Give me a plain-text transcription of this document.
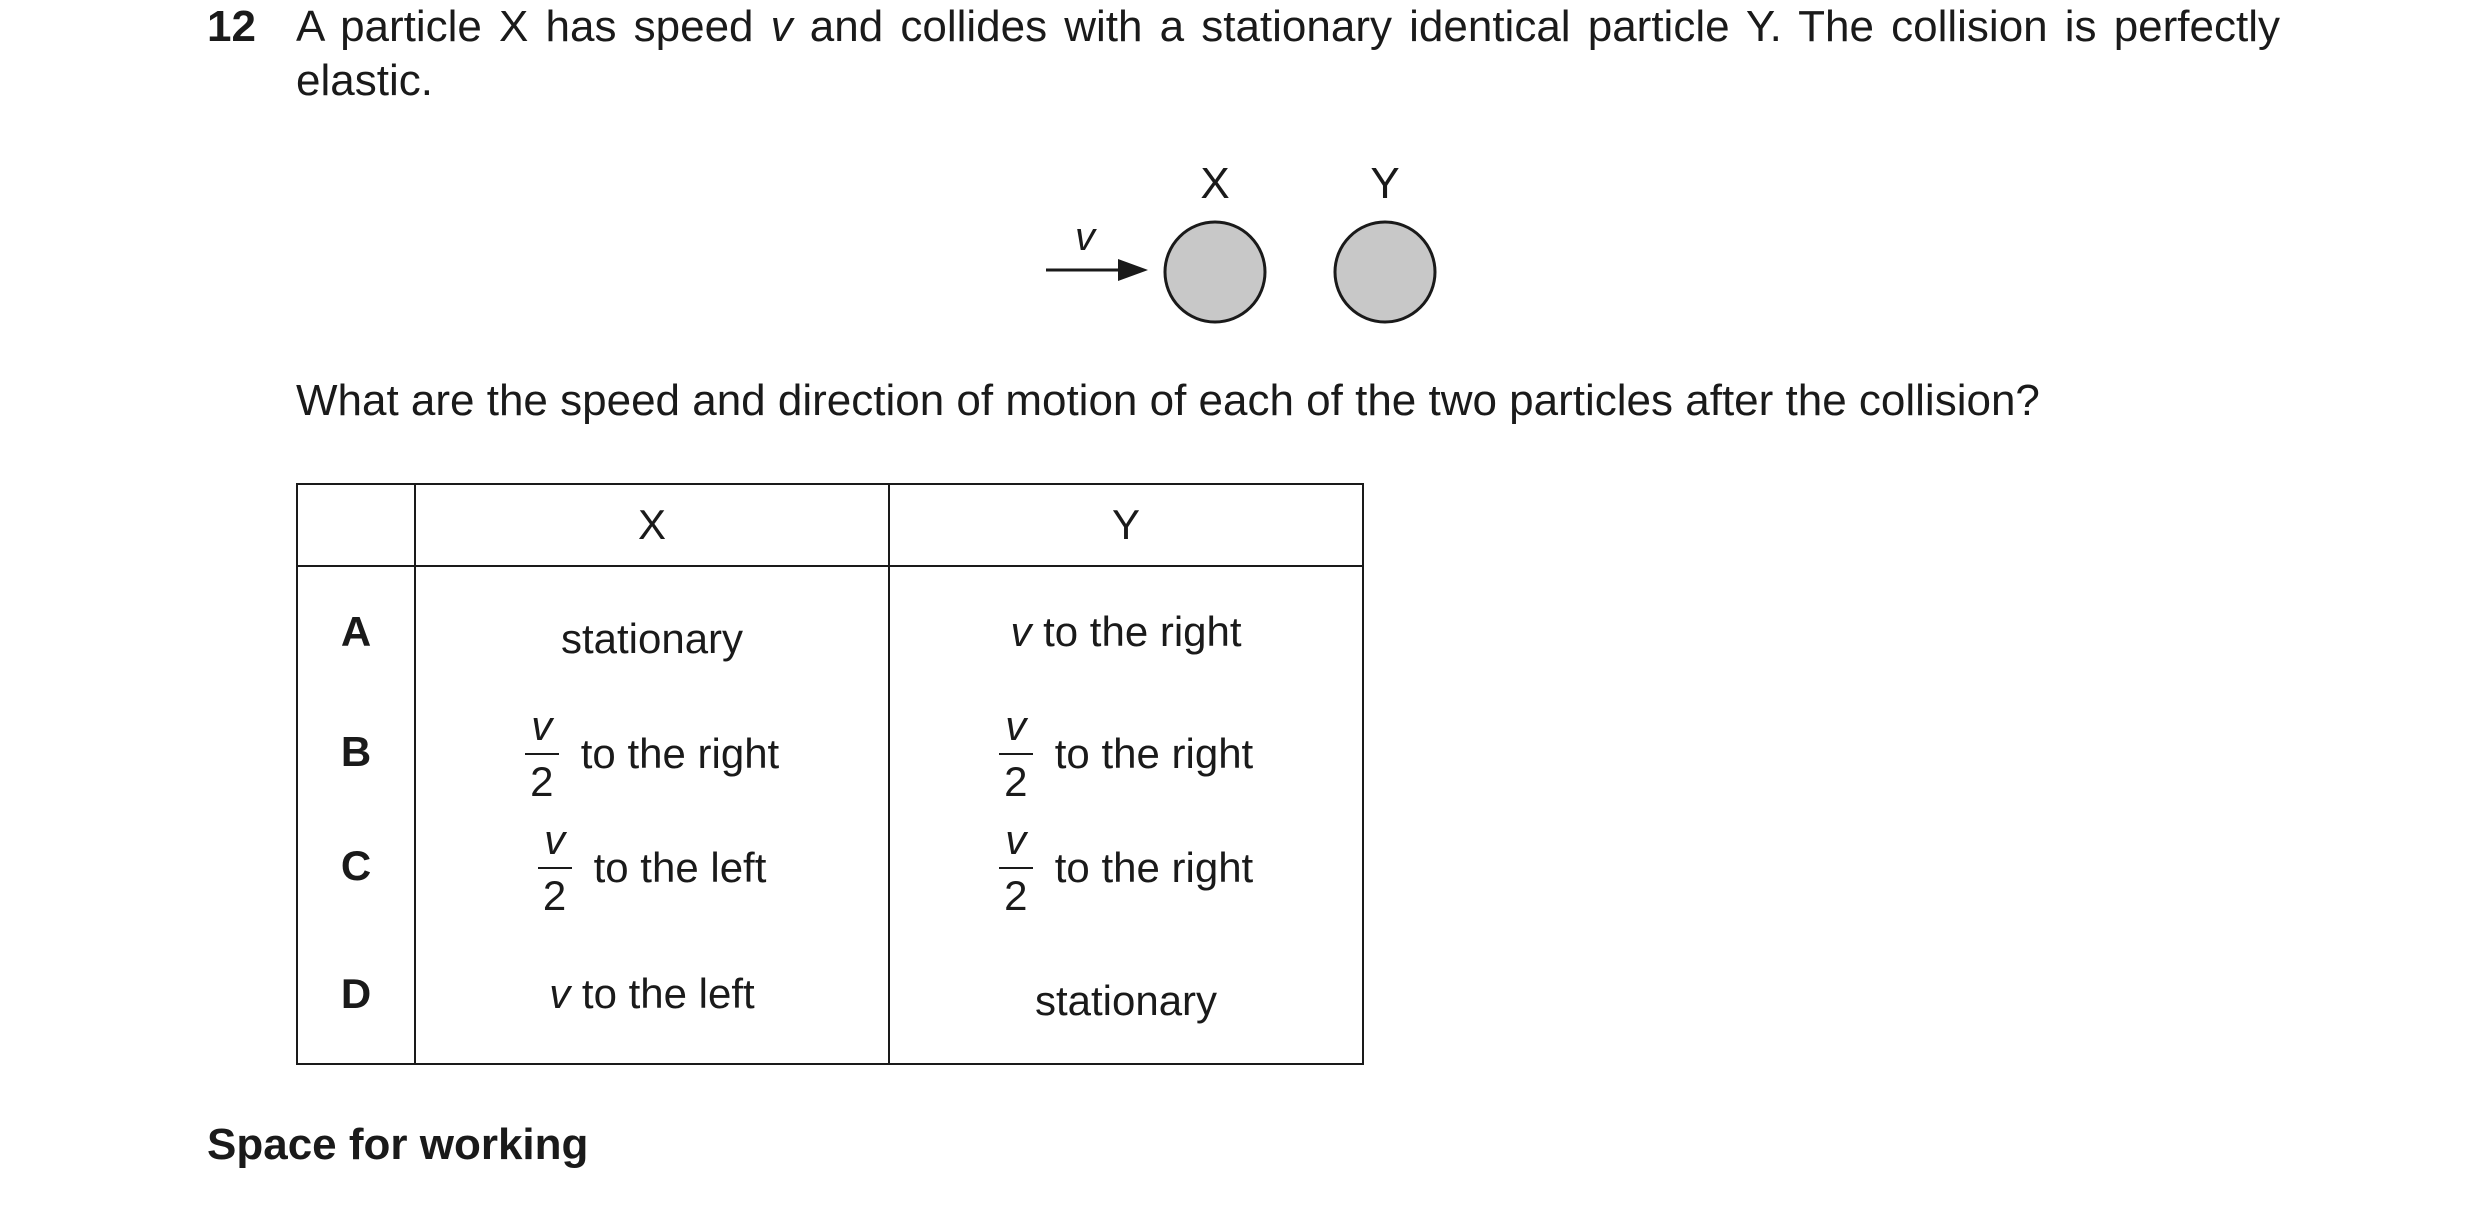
12 A particle X has speed v and collides with a stationary identical particle Y. The collision is perfectly elastic.
v
X	Y
What are the speed and direction of motion of each of the two particles after the collision?
	X	Y
A	stationary	v to the right

B	$\frac{v}{2}$ to the right	$\frac{v}{2}$ to the right

C	$\frac{v}{2}$ to the left	$\frac{v}{2}$ to the right

D	v to the left	stationary
Space for working
